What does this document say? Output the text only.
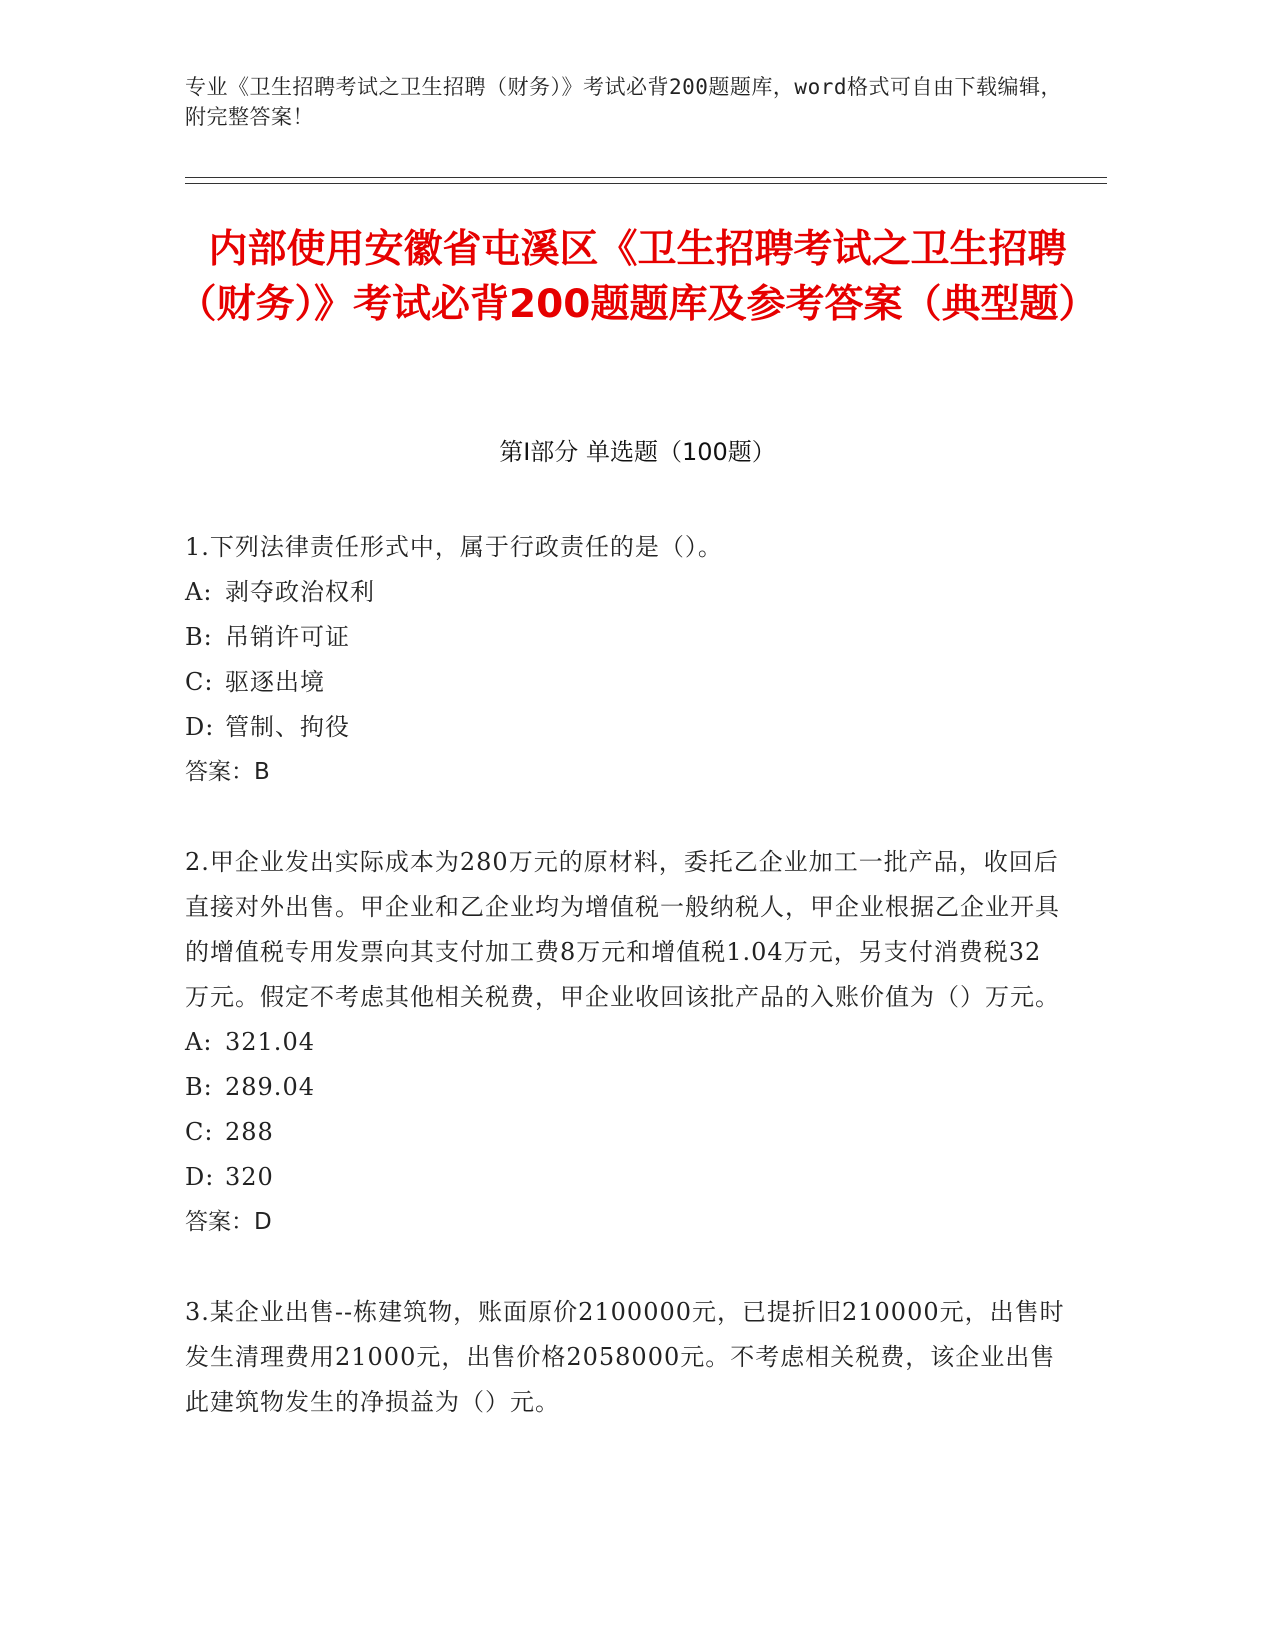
专业《卫生招聘考试之卫生招聘（财务）》考试必背200题题库，word格式可自由下载编辑，附完整答案！
内部使用安徽省屯溪区《卫生招聘考试之卫生招聘（财务）》考试必背200题题库及参考答案（典型题）
第Ⅰ部分 单选题（100题）
1.下列法律责任形式中，属于行政责任的是（）。
A: 剥夺政治权利
B: 吊销许可证
C: 驱逐出境
D: 管制、拘役
答案：B
2.甲企业发出实际成本为280万元的原材料，委托乙企业加工一批产品，收回后直接对外出售。甲企业和乙企业均为增值税一般纳税人，甲企业根据乙企业开具的增值税专用发票向其支付加工费8万元和增值税1.04万元，另支付消费税32万元。假定不考虑其他相关税费，甲企业收回该批产品的入账价值为（）万元。
A: 321.04
B: 289.04
C: 288
D: 320
答案：D
3.某企业出售--栋建筑物，账面原价2100000元，已提折旧210000元，出售时发生清理费用21000元，出售价格2058000元。不考虑相关税费，该企业出售此建筑物发生的净损益为（）元。
